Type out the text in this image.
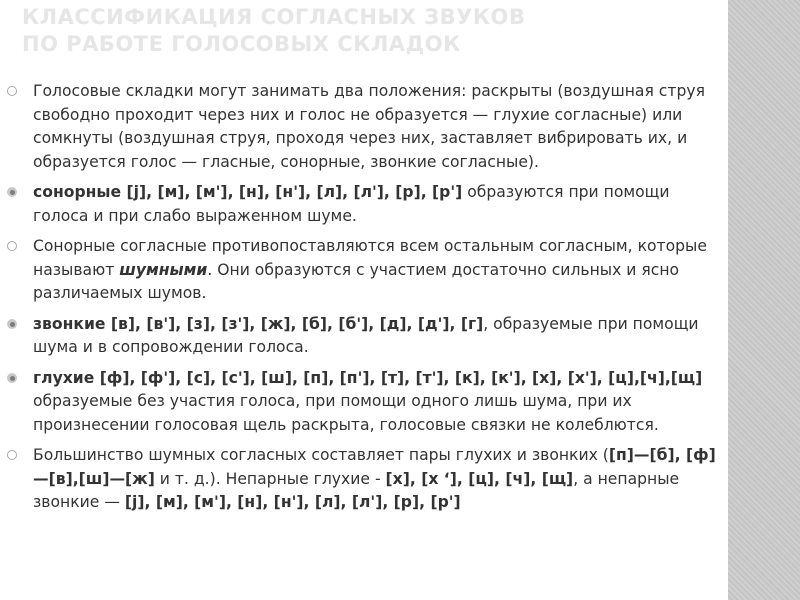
КЛАССИФИКАЦИЯ СОГЛАСНЫХ ЗВУКОВ
ПО РАБОТЕ ГОЛОСОВЫХ СКЛАДОК
Голосовые складки могут занимать два положения: раскрыты (воздушная струя свободно проходит через них и голос не образуется — глухие согласные) или сомкнуты (воздушная струя, проходя через них, заставляет вибрировать их, и образуется голос — гласные, сонорные, звонкие согласные).
сонорные [j], [м], [м'], [н], [н'], [л], [л'], [р], [р'] образуются при помощи голоса и при слабо выраженном шуме.
Сонорные согласные противопоставляются всем остальным согласным, которые называют шумными. Они образуются с участием достаточно сильных и ясно различаемых шумов.
звонкие [в], [в'], [з], [з'], [ж], [б], [б'], [д], [д'], [г], образуемые при помощи шума и в сопровождении голоса.
глухие [ф], [ф'], [с], [с'], [ш], [п], [п'], [т], [т'], [к], [к'], [х], [х'], [ц],[ч],[щ] образуемые без участия голоса, при помощи одного лишь шума, при их произнесении голосовая щель раскрыта, голосовые связки не колеблются.
Большинство шумных согласных составляет пары глухих и звонких ([п]—[б], [ф]—[в],[ш]—[ж] и т. д.). Непарные глухие - [х], [х ‘], [ц], [ч], [щ], а непарные звонкие — [j], [м], [м'], [н], [н'], [л], [л'], [р], [р']
